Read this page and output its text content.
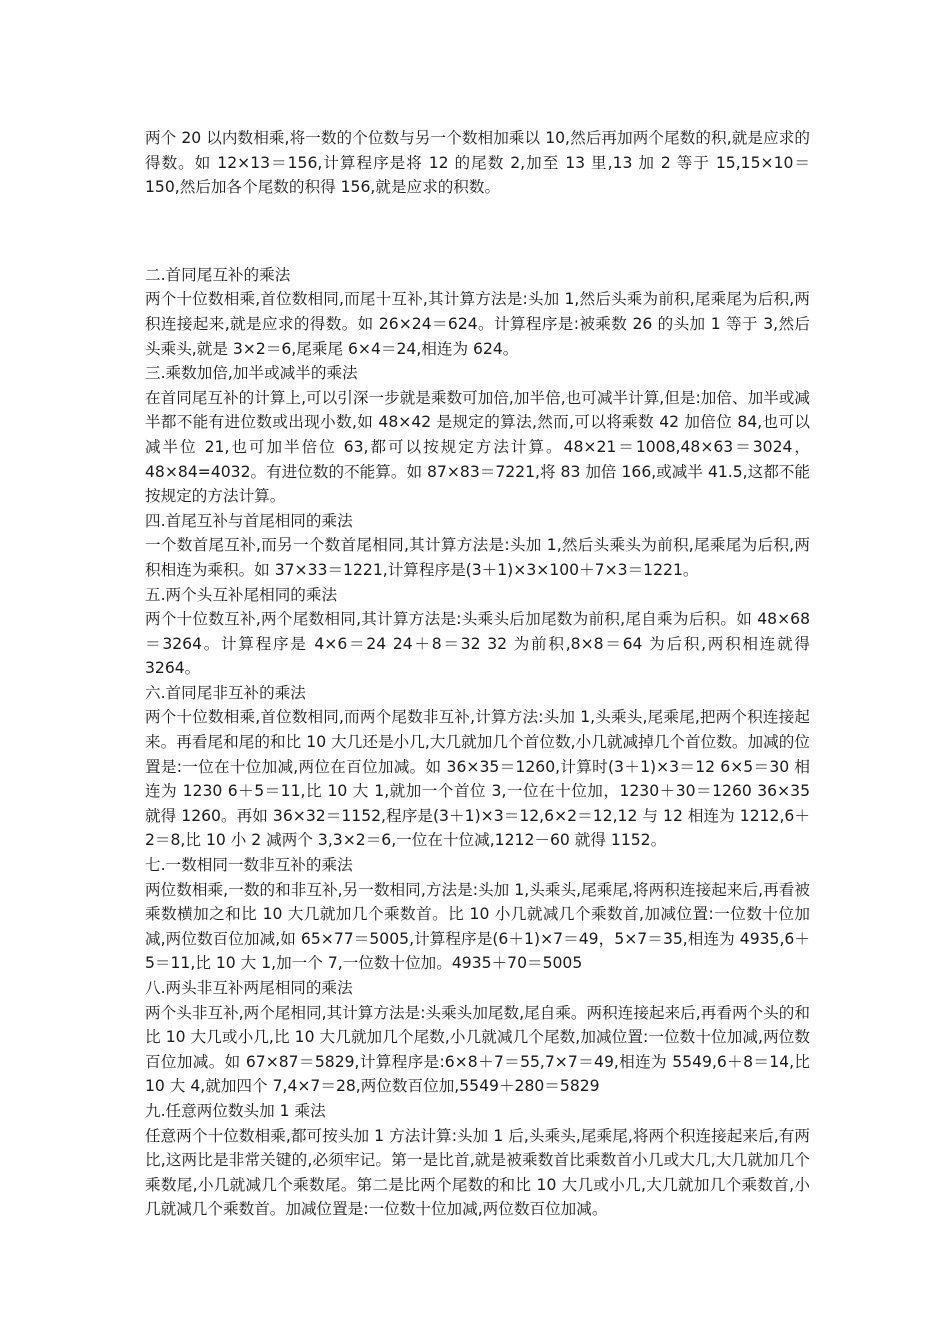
两个 20 以内数相乘,将一数的个位数与另一个数相加乘以 10,然后再加两个尾数的积,就是应求的得数。如 12×13＝156,计算程序是将 12 的尾数 2,加至 13 里,13 加 2 等于 15,15×10＝150,然后加各个尾数的积得 156,就是应求的积数。

二.首同尾互补的乘法

两个十位数相乘,首位数相同,而尾十互补,其计算方法是:头加 1,然后头乘为前积,尾乘尾为后积,两积连接起来,就是应求的得数。如 26×24＝624。计算程序是:被乘数 26 的头加 1 等于 3,然后头乘头,就是 3×2＝6,尾乘尾 6×4＝24,相连为 624。

三.乘数加倍,加半或减半的乘法

在首同尾互补的计算上,可以引深一步就是乘数可加倍,加半倍,也可减半计算,但是:加倍、加半或减半都不能有进位数或出现小数,如 48×42 是规定的算法,然而,可以将乘数 42 加倍位 84,也可以减半位 21,也可加半倍位 63,都可以按规定方法计算。48×21＝1008,48×63＝3024，48×84=4032。有进位数的不能算。如 87×83＝7221,将 83 加倍 166,或减半 41.5,这都不能按规定的方法计算。

四.首尾互补与首尾相同的乘法

一个数首尾互补,而另一个数首尾相同,其计算方法是:头加 1,然后头乘头为前积,尾乘尾为后积,两积相连为乘积。如 37×33＝1221,计算程序是(3＋1)×3×100＋7×3＝1221。

五.两个头互补尾相同的乘法

两个十位数互补,两个尾数相同,其计算方法是:头乘头后加尾数为前积,尾自乘为后积。如 48×68＝3264。计算程序是 4×6＝24 24＋8＝32 32 为前积,8×8＝64 为后积,两积相连就得 3264。

六.首同尾非互补的乘法

两个十位数相乘,首位数相同,而两个尾数非互补,计算方法:头加 1,头乘头,尾乘尾,把两个积连接起来。再看尾和尾的和比 10 大几还是小几,大几就加几个首位数,小几就减掉几个首位数。加减的位置是:一位在十位加减,两位在百位加减。如 36×35＝1260,计算时(3＋1)×3＝12 6×5＝30 相连为 1230 6＋5＝11,比 10 大 1,就加一个首位 3,一位在十位加，1230＋30＝1260 36×35 就得 1260。再如 36×32＝1152,程序是(3＋1)×3＝12,6×2＝12,12 与 12 相连为 1212,6＋2＝8,比 10 小 2 减两个 3,3×2＝6,一位在十位减,1212－60 就得 1152。

七.一数相同一数非互补的乘法

两位数相乘,一数的和非互补,另一数相同,方法是:头加 1,头乘头,尾乘尾,将两积连接起来后,再看被乘数横加之和比 10 大几就加几个乘数首。比 10 小几就减几个乘数首,加减位置:一位数十位加减,两位数百位加减,如 65×77＝5005,计算程序是(6＋1)×7＝49，5×7＝35,相连为 4935,6＋5＝11,比 10 大 1,加一个 7,一位数十位加。4935＋70＝5005

八.两头非互补两尾相同的乘法

两个头非互补,两个尾相同,其计算方法是:头乘头加尾数,尾自乘。两积连接起来后,再看两个头的和比 10 大几或小几,比 10 大几就加几个尾数,小几就减几个尾数,加减位置:一位数十位加减,两位数百位加减。如 67×87＝5829,计算程序是:6×8＋7＝55,7×7＝49,相连为 5549,6＋8＝14,比 10 大 4,就加四个 7,4×7＝28,两位数百位加,5549＋280＝5829

九.任意两位数头加 1 乘法

任意两个十位数相乘,都可按头加 1 方法计算:头加 1 后,头乘头,尾乘尾,将两个积连接起来后,有两比,这两比是非常关键的,必须牢记。第一是比首,就是被乘数首比乘数首小几或大几,大几就加几个乘数尾,小几就减几个乘数尾。第二是比两个尾数的和比 10 大几或小几,大几就加几个乘数首,小几就减几个乘数首。加减位置是:一位数十位加减,两位数百位加减。
